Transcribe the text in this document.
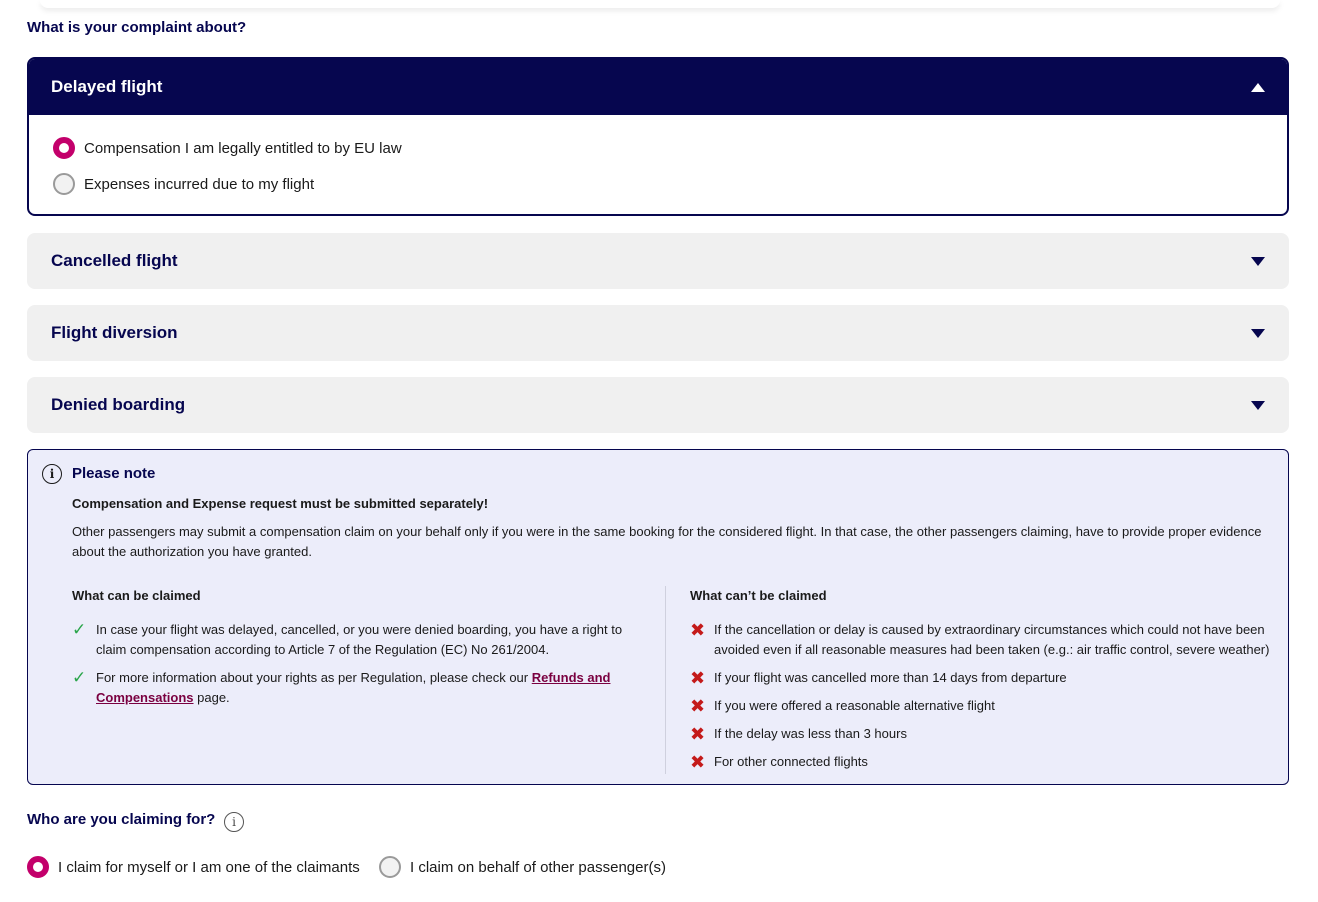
What is your complaint about?
Delayed flight
Compensation I am legally entitled to by EU law
Expenses incurred due to my flight
Cancelled flight
Flight diversion
Denied boarding
i	Please note
Compensation and Expense request must be submitted separately!
Other passengers may submit a compensation claim on your behalf only if you were in the same booking for the considered flight. In that case, the other passengers claiming, have to provide proper evidence about the authorization you have granted.
What can be claimed	What can’t be claimed
✓ In case your flight was delayed, cancelled, or you were denied boarding, you have a right to claim compensation according to Article 7 of the Regulation (EC) No 261/2004.
✓ For more information about your rights as per Regulation, please check our Refunds and Compensations page.
✖ If the cancellation or delay is caused by extraordinary circumstances which could not have been avoided even if all reasonable measures had been taken (e.g.: air traffic control, severe weather)
✖ If your flight was cancelled more than 14 days from departure
✖ If you were offered a reasonable alternative flight
✖ If the delay was less than 3 hours
✖ For other connected flights
Who are you claiming for?	i
I claim for myself or I am one of the claimants	I claim on behalf of other passenger(s)
